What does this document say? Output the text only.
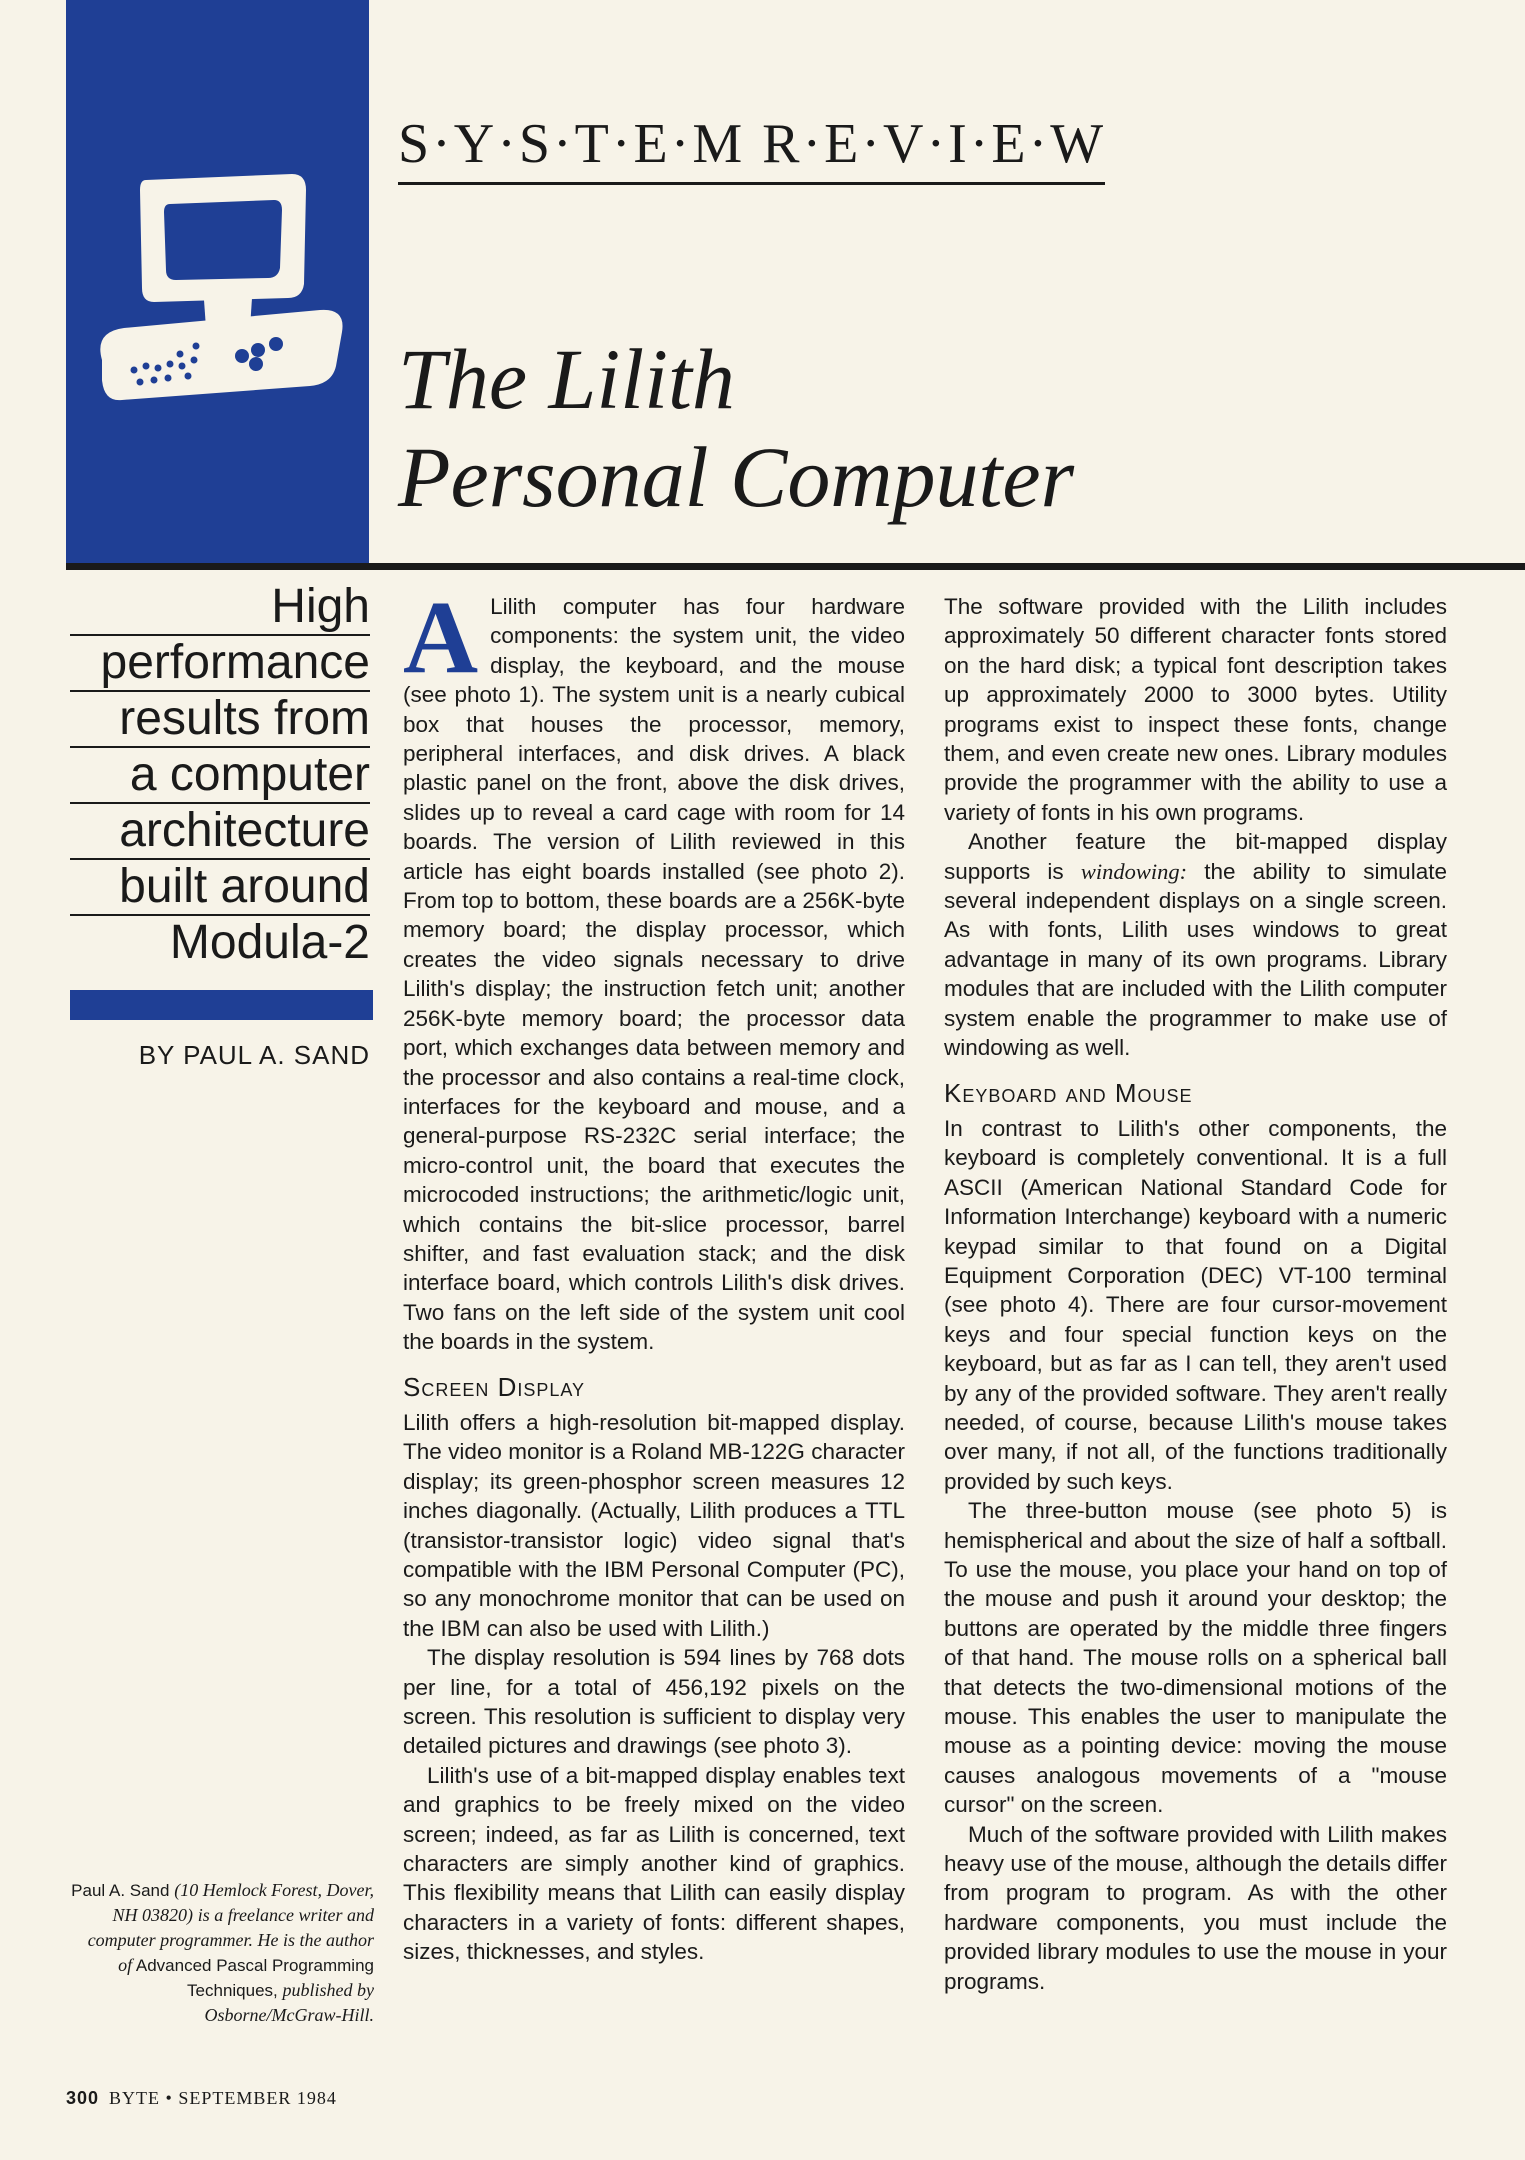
S·Y·S·T·E·M R·E·V·I·E·W
The Lilith
Personal Computer
High
performance
results from
a computer
architecture
built around
Modula-2
BY PAUL A. SAND
Paul A. Sand (10 Hemlock Forest, Dover, NH 03820) is a freelance writer and computer programmer. He is the author of Advanced Pascal Programming Techniques, published by Osborne/McGraw-Hill.
300 BYTE • SEPTEMBER 1984

A Lilith computer has four hardware components: the system unit, the video display, the keyboard, and the mouse (see photo 1). The system unit is a nearly cubical box that houses the processor, memory, peripheral interfaces, and disk drives. A black plastic panel on the front, above the disk drives, slides up to reveal a card cage with room for 14 boards. The version of Lilith reviewed in this article has eight boards installed (see photo 2). From top to bottom, these boards are a 256K-byte memory board; the display processor, which creates the video signals necessary to drive Lilith's display; the instruction fetch unit; another 256K-byte memory board; the processor data port, which exchanges data between memory and the processor and also contains a real-time clock, interfaces for the keyboard and mouse, and a general-purpose RS-232C serial interface; the micro-control unit, the board that executes the microcoded instructions; the arithmetic/logic unit, which contains the bit-slice processor, barrel shifter, and fast evaluation stack; and the disk interface board, which controls Lilith's disk drives. Two fans on the left side of the system unit cool the boards in the system.

Screen Display

Lilith offers a high-resolution bit-mapped display. The video monitor is a Roland MB-122G character display; its green-phosphor screen measures 12 inches diagonally. (Actually, Lilith produces a TTL (transistor-transistor logic) video signal that's compatible with the IBM Personal Computer (PC), so any monochrome monitor that can be used on the IBM can also be used with Lilith.)

The display resolution is 594 lines by 768 dots per line, for a total of 456,192 pixels on the screen. This resolution is sufficient to display very detailed pictures and drawings (see photo 3).

Lilith's use of a bit-mapped display enables text and graphics to be freely mixed on the video screen; indeed, as far as Lilith is concerned, text characters are simply another kind of graphics. This flexibility means that Lilith can easily display characters in a variety of fonts: different shapes, sizes, thicknesses, and styles.

The software provided with the Lilith includes approximately 50 different character fonts stored on the hard disk; a typical font description takes up approximately 2000 to 3000 bytes. Utility programs exist to inspect these fonts, change them, and even create new ones. Library modules provide the programmer with the ability to use a variety of fonts in his own programs.

Another feature the bit-mapped display supports is windowing: the ability to simulate several independent displays on a single screen. As with fonts, Lilith uses windows to great advantage in many of its own programs. Library modules that are included with the Lilith computer system enable the programmer to make use of windowing as well.

Keyboard and Mouse

In contrast to Lilith's other components, the keyboard is completely conventional. It is a full ASCII (American National Standard Code for Information Interchange) keyboard with a numeric keypad similar to that found on a Digital Equipment Corporation (DEC) VT-100 terminal (see photo 4). There are four cursor-movement keys and four special function keys on the keyboard, but as far as I can tell, they aren't used by any of the provided software. They aren't really needed, of course, because Lilith's mouse takes over many, if not all, of the functions traditionally provided by such keys.

The three-button mouse (see photo 5) is hemispherical and about the size of half a softball. To use the mouse, you place your hand on top of the mouse and push it around your desktop; the buttons are operated by the middle three fingers of that hand. The mouse rolls on a spherical ball that detects the two-dimensional motions of the mouse. This enables the user to manipulate the mouse as a pointing device: moving the mouse causes analogous movements of a "mouse cursor" on the screen.

Much of the software provided with Lilith makes heavy use of the mouse, although the details differ from program to program. As with the other hardware components, you must include the provided library modules to use the mouse in your programs.
